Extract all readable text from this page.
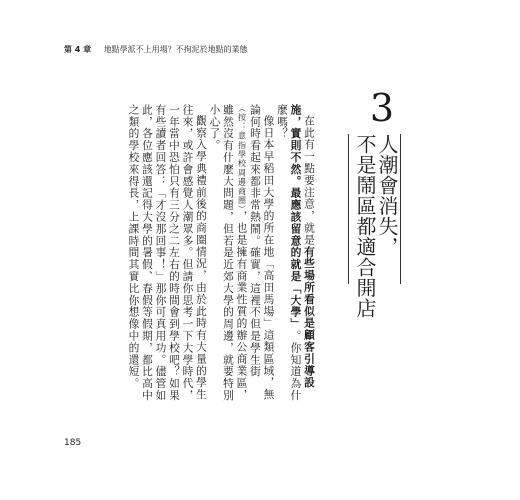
第 4 章 地點學派不上用場？不拘泥於地點的業態

在此有一點要注意，就是有些場所看似是顧客引導設施，實則不然。最應該留意的就是「大學」。你知道為什麼嗎？

像日本早稻田大學的所在地「高田馬場」這類區域，無論何時看起來都非常熱鬧。確實，這裡不但是學生街（按：意指學校周邊商圈），也是擁有商業性質的辦公商業區，雖然沒有什麼大問題，但若是近郊大學的周邊，就要特別小心了。

觀察入學典禮前後的商圈情況，由於此時有大量的學生往來，或許會感覺人潮眾多。但請你思考一下大學時代，一年當中恐怕只有三分之二左右的時間會到學校吧？如果有些讀者回答：「才沒那回事！」那你可真用功。儘管如此，各位應該還記得大學的暑假、春假等假期，都比高中之類的學校來得長，上課時間其實比你想像中的還短。	3
人潮會消失，
不是鬧區都適合開店
185
